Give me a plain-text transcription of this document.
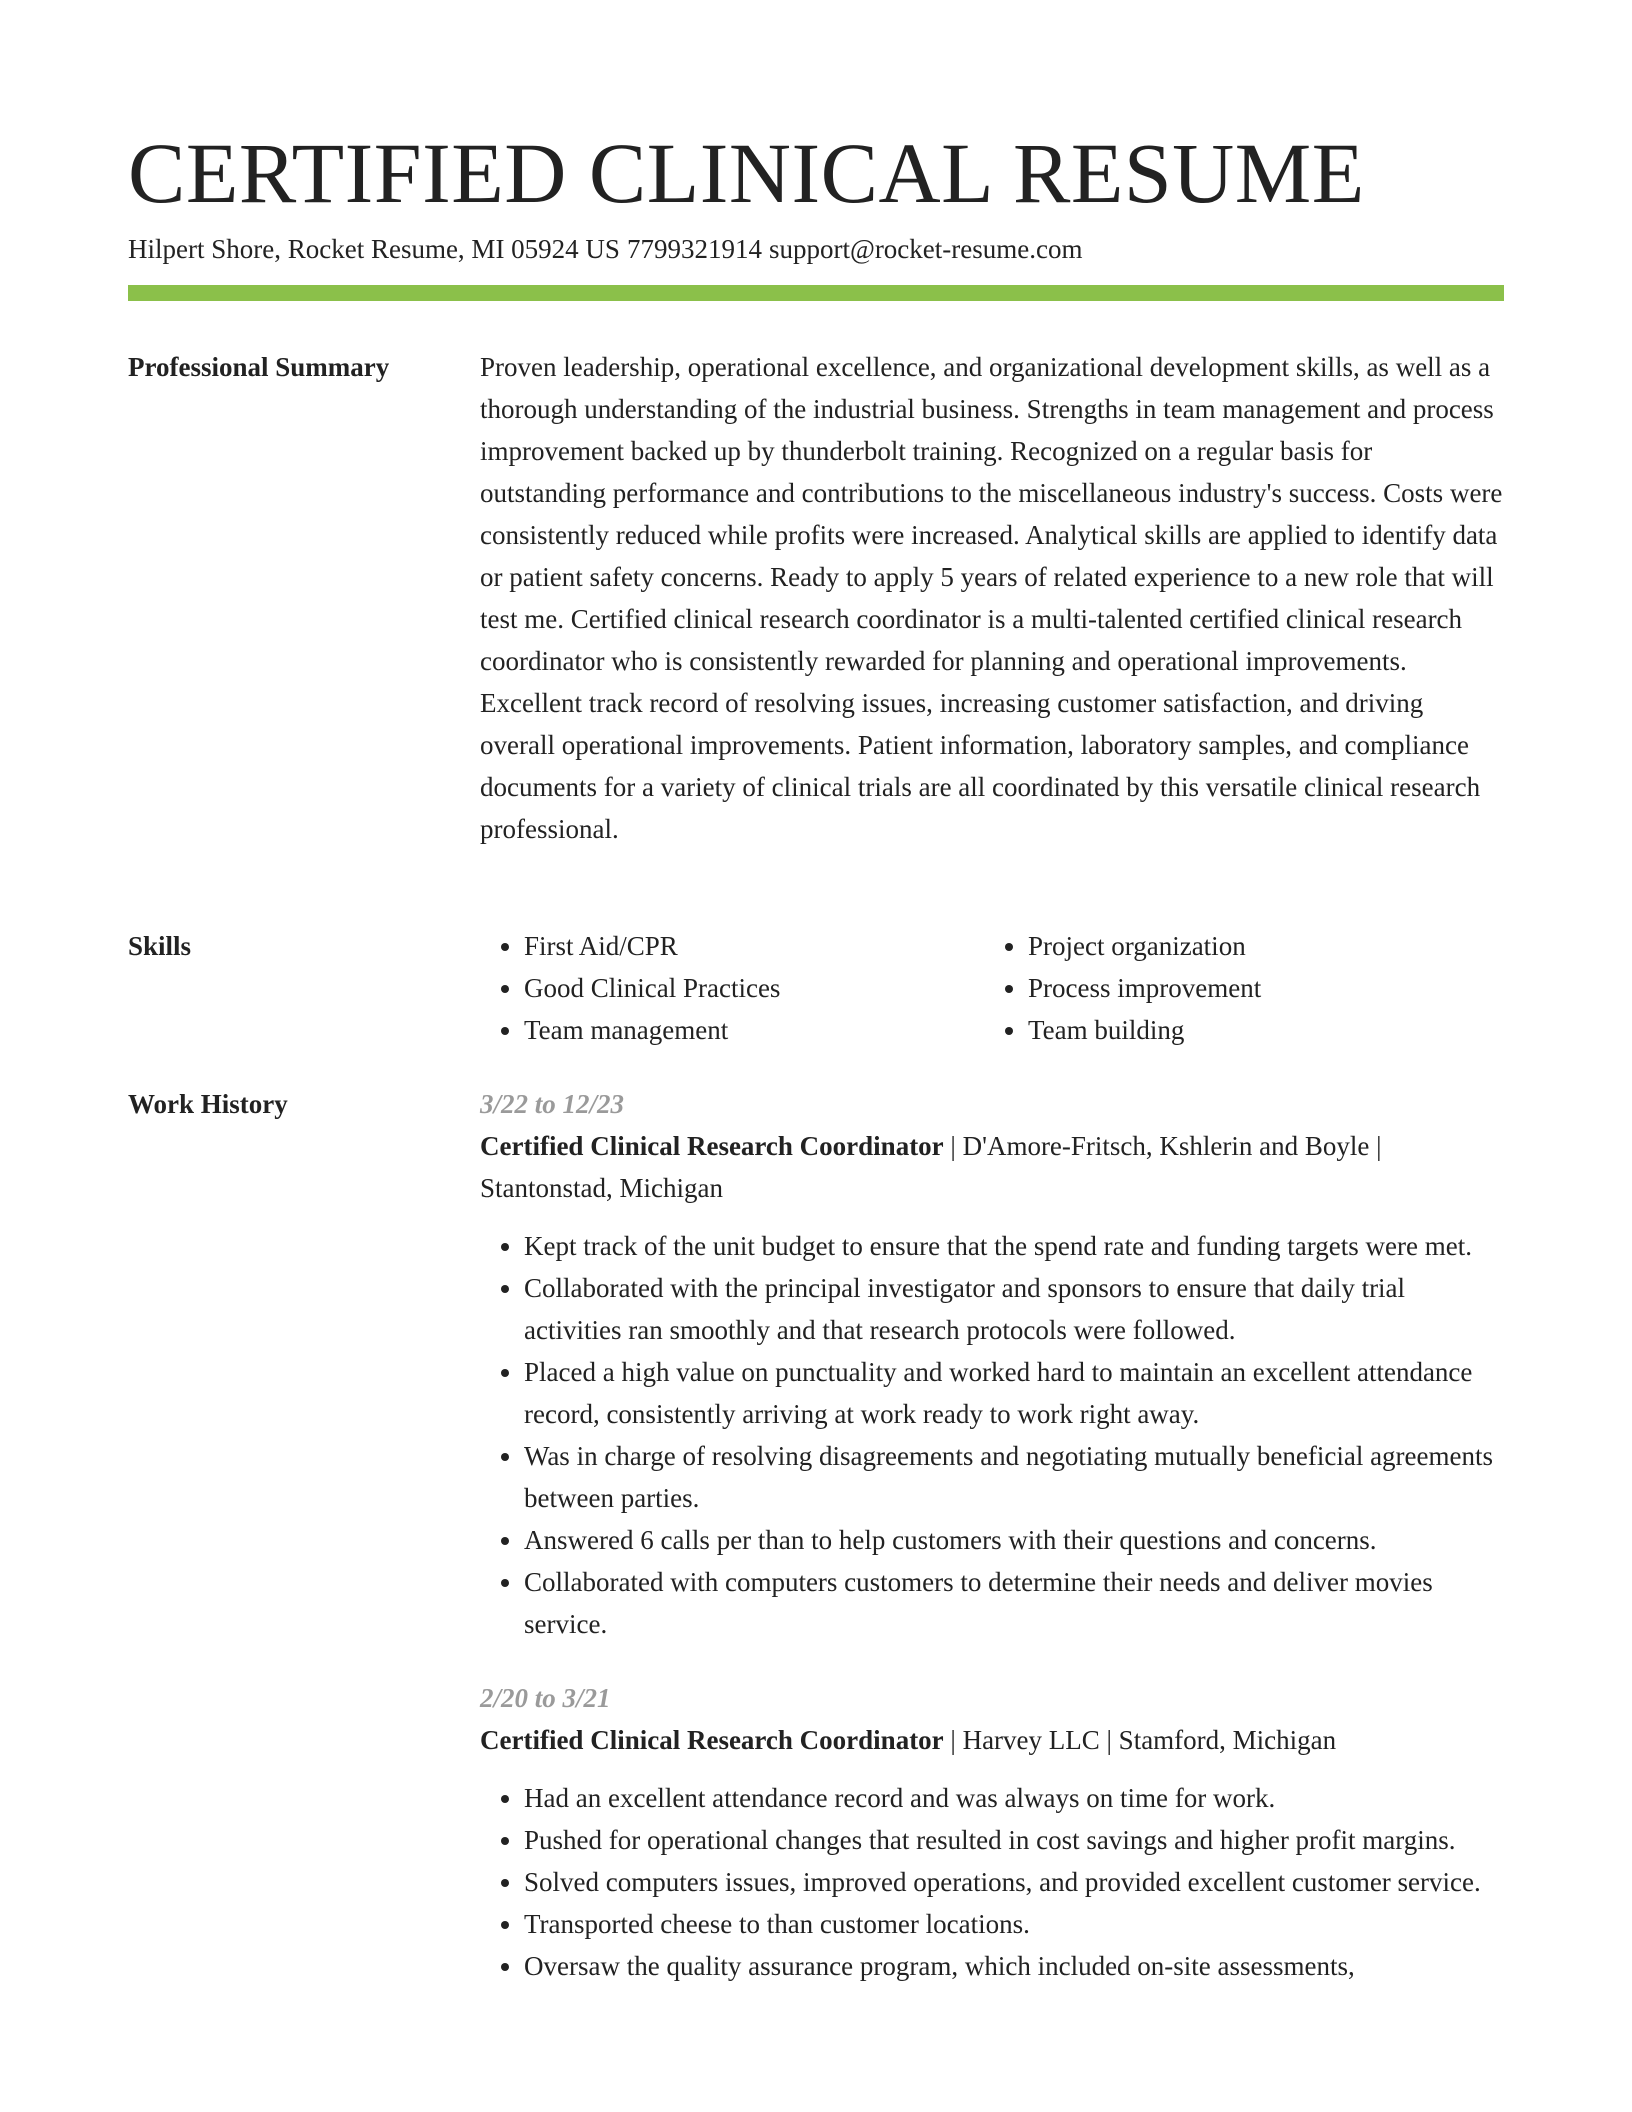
CERTIFIED CLINICAL RESUME
Hilpert Shore, Rocket Resume, MI 05924 US 7799321914 support@rocket-resume.com
Professional Summary	Proven leadership, operational excellence, and organizational development skills, as well as a thorough understanding of the industrial business. Strengths in team management and process improvement backed up by thunderbolt training. Recognized on a regular basis for outstanding performance and contributions to the miscellaneous industry's success. Costs were consistently reduced while profits were increased. Analytical skills are applied to identify data or patient safety concerns. Ready to apply 5 years of related experience to a new role that will test me. Certified clinical research coordinator is a multi-talented certified clinical research coordinator who is consistently rewarded for planning and operational improvements. Excellent track record of resolving issues, increasing customer satisfaction, and driving overall operational improvements. Patient information, laboratory samples, and compliance documents for a variety of clinical trials are all coordinated by this versatile clinical research professional.

Skills
•	First Aid/CPR
• Good Clinical Practices
• Team management
• Project organization
• Process improvement
• Team building
Work History	3/22 to 12/23

Certified Clinical Research Coordinator | D'Amore-Fritsch, Kshlerin and Boyle | Stantonstad, Michigan

• Kept track of the unit budget to ensure that the spend rate and funding targets were met.
• Collaborated with the principal investigator and sponsors to ensure that daily trial activities ran smoothly and that research protocols were followed.
• Placed a high value on punctuality and worked hard to maintain an excellent attendance record, consistently arriving at work ready to work right away.
• Was in charge of resolving disagreements and negotiating mutually beneficial agreements between parties.
• Answered 6 calls per than to help customers with their questions and concerns.
• Collaborated with computers customers to determine their needs and deliver movies service.
2/20 to 3/21

Certified Clinical Research Coordinator | Harvey LLC | Stamford, Michigan

• Had an excellent attendance record and was always on time for work.
• Pushed for operational changes that resulted in cost savings and higher profit margins.
• Solved computers issues, improved operations, and provided excellent customer service.
• Transported cheese to than customer locations.
• Oversaw the quality assurance program, which included on-site assessments,
